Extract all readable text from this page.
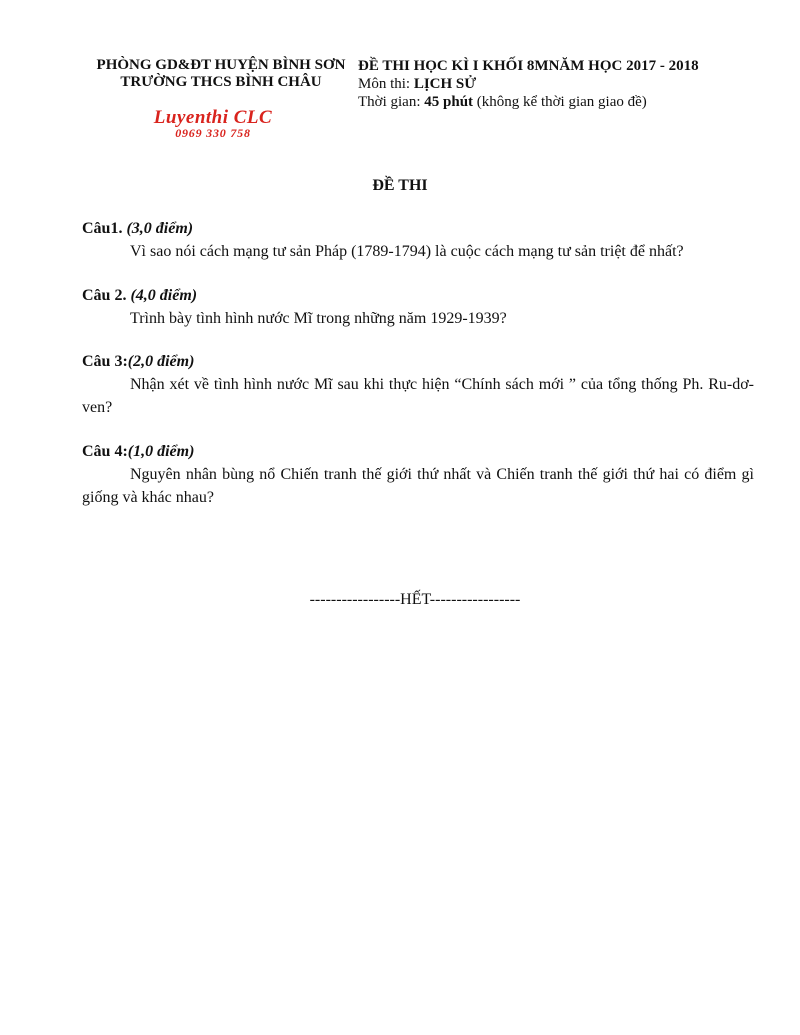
PHÒNG GD&ĐT HUYỆN BÌNH SƠN
TRƯỜNG THCS BÌNH CHÂU
ĐỀ THI HỌC KÌ I KHỐI 8MNĂM HỌC 2017 - 2018
Môn thi: LỊCH SỬ
Thời gian: 45 phút (không kể thời gian giao đề)
Luyenthi CLC
0969 330 758
ĐỀ THI
Câu1. (3,0 điểm)
Vì sao nói cách mạng tư sản Pháp (1789-1794) là cuộc cách mạng tư sản triệt để nhất?
Câu 2. (4,0 điểm)
Trình bày tình hình nước Mĩ trong những năm 1929-1939?
Câu 3:(2,0 điểm)
Nhận xét về tình hình nước Mĩ sau khi thực hiện “Chính sách mới ” của tổng thống Ph. Ru-dơ-ven?
Câu 4:(1,0 điểm)
Nguyên nhân bùng nổ Chiến tranh thế giới thứ nhất và Chiến tranh thế giới thứ hai có điểm gì giống và khác nhau?
-----------------HẾT-----------------
